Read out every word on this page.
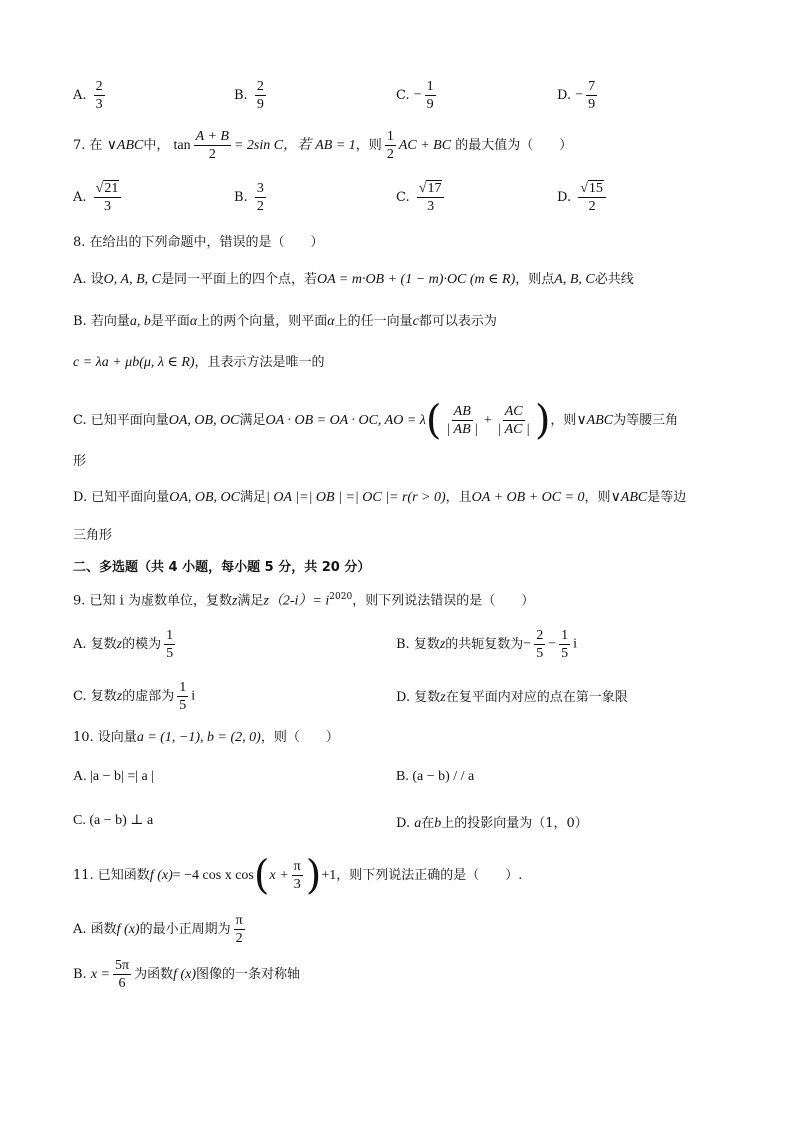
A. $\frac{2}{3}$	B. $\frac{2}{9}$	C. − $\frac{1}{9}$	D. − $\frac{7}{9}$
7. 在 ∨ABC中， $\tan \frac{A + B}{2} = 2\sin$ C，若 AB = 1，则 $\frac{1}{2}$ AC + BC 的最大值为（　　）
A. $\frac{√21}{3}$	B. $\frac{3}{2}$	C. $\frac{√17}{3}$	D. $\frac{√15}{2}$
8. 在给出的下列命题中，错误的是（　　）
A. 设O, A, B, C是同一平面上的四个点，若OA = m·OB + (1 − m)·OC (m ∈ R)，则点A, B, C必共线
B. 若向量a, b是平面α上的两个向量，则平面α上的任一向量c都可以表示为
c = λa + μb(μ, λ ∈ R)，且表示方法是唯一的
C. 已知平面向量OA, OB, OC满足OA · OB = OA · OC, AO = $\lambda( \frac{AB}{| AB |} + \frac{AC}{| AC |}$ )，则∨ABC为等腰三角
形
D. 已知平面向量OA, OB, OC满足| OA |=| OB | =| OC |= r(r > 0)，且OA + OB + OC = 0，则∨ABC是等边
三角形
二、多选题（共 4 小题，每小题 5 分，共 20 分）
9. 已知 i 为虚数单位，复数z满足$z(2-i)= i^{2020}$，则下列说法错误的是（　　）
A. 复数z的模为 $\frac{1}{5}$	B. 复数z的共轭复数为− $\frac{2}{5} - \frac{1}{5}$ i
C. 复数z的虚部为 $\frac{1}{5}$ i	D. 复数z在复平面内对应的点在第一象限
10. 设向量a = (1, −1), b = (2, 0)，则（　　）
A. |a − b| =| a |	B. (a − b) / / a
C. (a − b) ⊥ a	D. a在b上的投影向量为（1，0）
11. 已知函数f (x)= −4 cos x $\cos(x + \frac{\pi}{3} )+1$，则下列说法正确的是（　　）.
A. 函数f (x)的最小正周期为 $\frac{\pi}{2}$
B. $x = \frac{5\pi}{6}$ 为函数f (x)图像的一条对称轴
